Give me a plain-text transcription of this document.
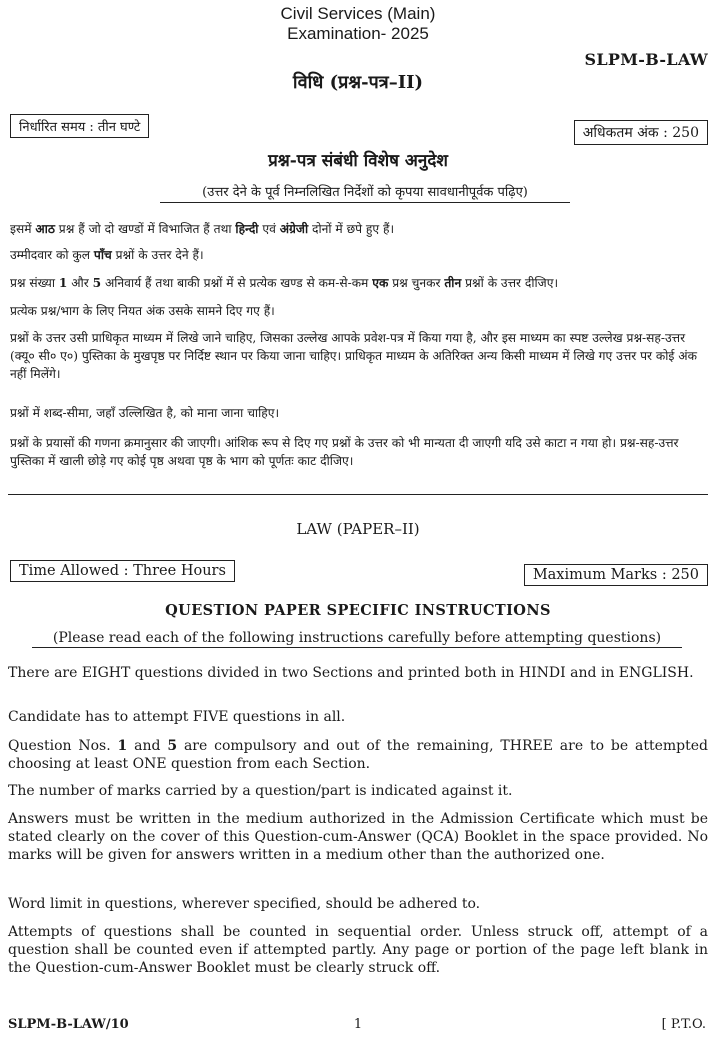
Civil Services (Main)
Examination- 2025
SLPM-B-LAW
विधि (प्रश्न-पत्र–II)
निर्धारित समय : तीन घण्टे	अधिकतम अंक : 250
प्रश्न-पत्र संबंधी विशेष अनुदेश
(उत्तर देने के पूर्व निम्नलिखित निर्देशों को कृपया सावधानीपूर्वक पढ़िए)

इसमें आठ प्रश्न हैं जो दो खण्डों में विभाजित हैं तथा हिन्दी एवं अंग्रेजी दोनों में छपे हुए हैं।

उम्मीदवार को कुल पाँच प्रश्नों के उत्तर देने हैं।

प्रश्न संख्या 1 और 5 अनिवार्य हैं तथा बाकी प्रश्नों में से प्रत्येक खण्ड से कम-से-कम एक प्रश्न चुनकर तीन प्रश्नों के उत्तर दीजिए।

प्रत्येक प्रश्न/भाग के लिए नियत अंक उसके सामने दिए गए हैं।

प्रश्नों के उत्तर उसी प्राधिकृत माध्यम में लिखे जाने चाहिए, जिसका उल्लेख आपके प्रवेश-पत्र में किया गया है, और इस माध्यम का स्पष्ट उल्लेख प्रश्न-सह-उत्तर (क्यू० सी० ए०) पुस्तिका के मुखपृष्ठ पर निर्दिष्ट स्थान पर किया जाना चाहिए। प्राधिकृत माध्यम के अतिरिक्त अन्य किसी माध्यम में लिखे गए उत्तर पर कोई अंक नहीं मिलेंगे।

प्रश्नों में शब्द-सीमा, जहाँ उल्लिखित है, को माना जाना चाहिए।

प्रश्नों के प्रयासों की गणना क्रमानुसार की जाएगी। आंशिक रूप से दिए गए प्रश्नों के उत्तर को भी मान्यता दी जाएगी यदि उसे काटा न गया हो। प्रश्न-सह-उत्तर पुस्तिका में खाली छोड़े गए कोई पृष्ठ अथवा पृष्ठ के भाग को पूर्णतः काट दीजिए।

LAW (PAPER–II)
Time Allowed : Three Hours	Maximum Marks : 250
QUESTION PAPER SPECIFIC INSTRUCTIONS
(Please read each of the following instructions carefully before attempting questions)

There are EIGHT questions divided in two Sections and printed both in HINDI and in ENGLISH.

Candidate has to attempt FIVE questions in all.

Question Nos. 1 and 5 are compulsory and out of the remaining, THREE are to be attempted choosing at least ONE question from each Section.

The number of marks carried by a question/part is indicated against it.

Answers must be written in the medium authorized in the Admission Certificate which must be stated clearly on the cover of this Question-cum-Answer (QCA) Booklet in the space provided. No marks will be given for answers written in a medium other than the authorized one.

Word limit in questions, wherever specified, should be adhered to.

Attempts of questions shall be counted in sequential order. Unless struck off, attempt of a question shall be counted even if attempted partly. Any page or portion of the page left blank in the Question-cum-Answer Booklet must be clearly struck off.

SLPM-B-LAW/10	1	[ P.T.O.
